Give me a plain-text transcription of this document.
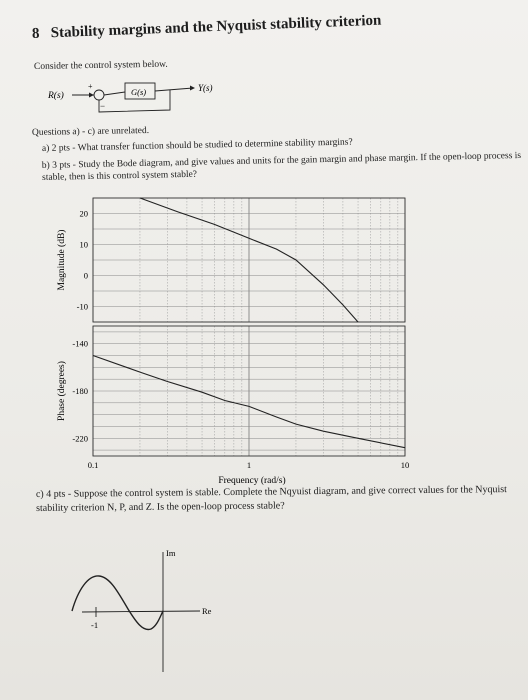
8 Stability margins and the Nyquist stability criterion
Consider the control system below.
R(s)
+
−
G(s)	Y(s)
Questions a) - c) are unrelated.
a) 2 pts - What transfer function should be studied to determine stability margins?
b) 3 pts - Study the Bode diagram, and give values and units for the gain margin and phase margin. If the open-loop process is stable, then is this control system stable?
20
10
0
-10
-140
-180
-220
0.1	1	10
Magnitude (dB)
Phase (degrees)
Frequency (rad/s)
c) 4 pts - Suppose the control system is stable. Complete the Nqyuist diagram, and give correct values for the Nyquist stability criterion N, P, and Z. Is the open-loop process stable?
Im
Re
-1
